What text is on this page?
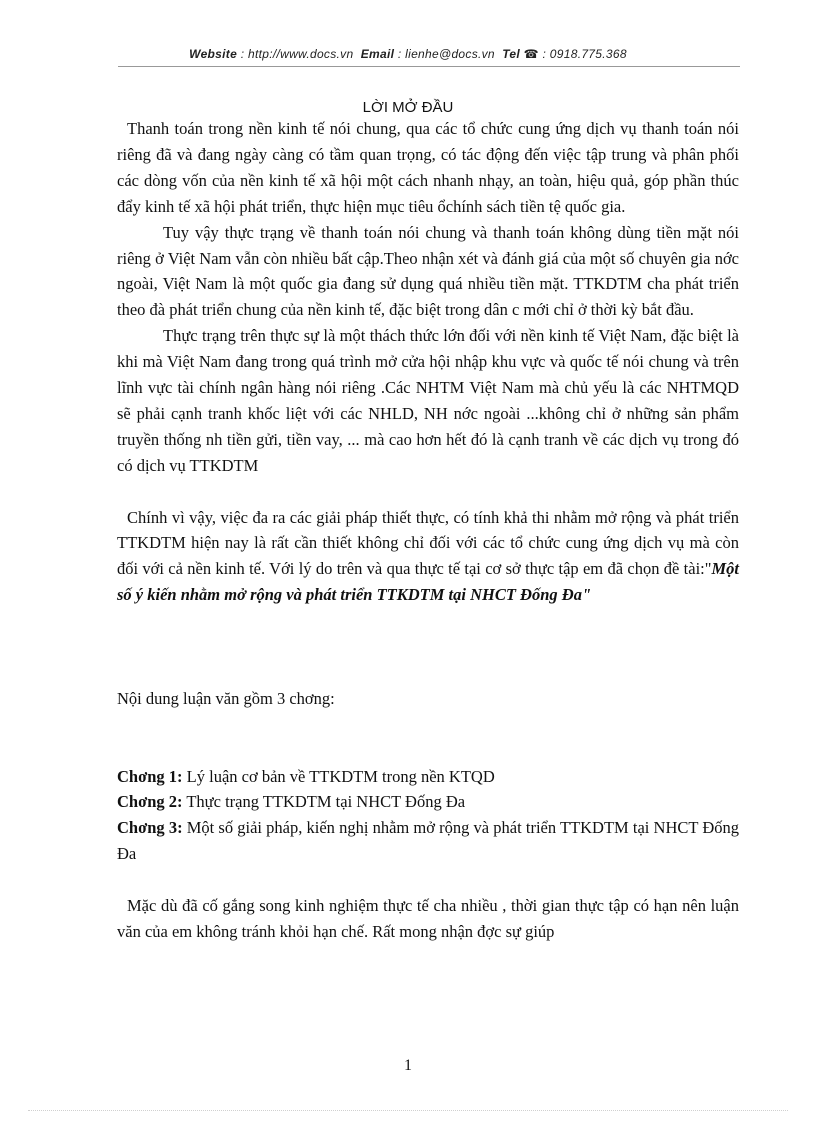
Website : http://www.docs.vn Email : lienhe@docs.vn Tel ☎ : 0918.775.368
LỜI MỞ ĐẦU

Thanh toán trong nền kinh tế nói chung, qua các tổ chức cung ứng dịch vụ thanh toán nói riêng đã và đang ngày càng có tầm quan trọng, có tác động đến việc tập trung và phân phối các dòng vốn của nền kinh tế xã hội một cách nhanh nhạy, an toàn, hiệu quả, góp phần thúc đẩy kinh tế xã hội phát triển, thực hiện mục tiêu ổchính sách tiền tệ quốc gia.

Tuy vậy thực trạng về thanh toán nói chung và thanh toán không dùng tiền mặt nói riêng ở Việt Nam vẫn còn nhiều bất cập.Theo nhận xét và đánh giá của một số chuyên gia nớc ngoài, Việt Nam là một quốc gia đang sử dụng quá nhiều tiền mặt. TTKDTM cha phát triển theo đà phát triển chung của nền kinh tế, đặc biệt trong dân c mới chỉ ở thời kỳ bắt đầu.

Thực trạng trên thực sự là một thách thức lớn đối với nền kinh tế Việt Nam, đặc biệt là khi mà Việt Nam đang trong quá trình mở cửa hội nhập khu vực và quốc tế nói chung và trên lĩnh vực tài chính ngân hàng nói riêng .Các NHTM Việt Nam mà chủ yếu là các NHTMQD sẽ phải cạnh tranh khốc liệt với các NHLD, NH nớc ngoài ...không chỉ ở những sản phẩm truyền thống nh tiền gửi, tiền vay, ... mà cao hơn hết đó là cạnh tranh về các dịch vụ trong đó có dịch vụ TTKDTM

Chính vì vậy, việc đa ra các giải pháp thiết thực, có tính khả thi nhằm mở rộng và phát triển TTKDTM hiện nay là rất cần thiết không chỉ đối với các tổ chức cung ứng dịch vụ mà còn đối với cả nền kinh tế. Với lý do trên và qua thực tế tại cơ sở thực tập em đã chọn đề tài:"Một số ý kiến nhằm mở rộng và phát triển TTKDTM tại NHCT Đống Đa"

Nội dung luận văn gồm 3 chơng:

Chơng 1: Lý luận cơ bản về TTKDTM trong nền KTQD

Chơng 2: Thực trạng TTKDTM tại NHCT Đống Đa

Chơng 3: Một số giải pháp, kiến nghị nhằm mở rộng và phát triển TTKDTM tại NHCT Đống Đa

Mặc dù đã cố gắng song kinh nghiệm thực tế cha nhiều , thời gian thực tập có hạn nên luận văn của em không tránh khỏi hạn chế. Rất mong nhận đợc sự giúp

1
